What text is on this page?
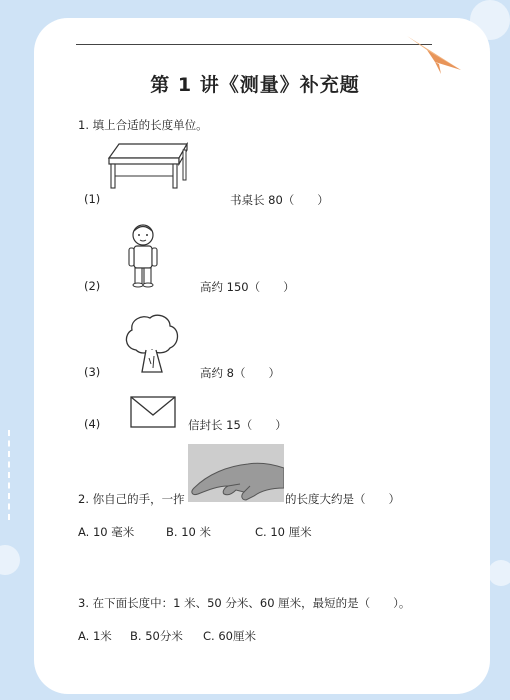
第 1 讲《测量》补充题
1. 填上合适的长度单位。
(1)	书桌长 80（　　）
(2)	高约 150（　　）
(3)	高约 8（　　）
(4)	信封长 15（　　）
2. 你自己的手，一拃	的长度大约是（　　）
A. 10 毫米	B. 10 米	C. 10 厘米
3. 在下面长度中：1 米、50 分米、60 厘米，最短的是（　　）。
A. 1米 B. 50分米 C. 60厘米
